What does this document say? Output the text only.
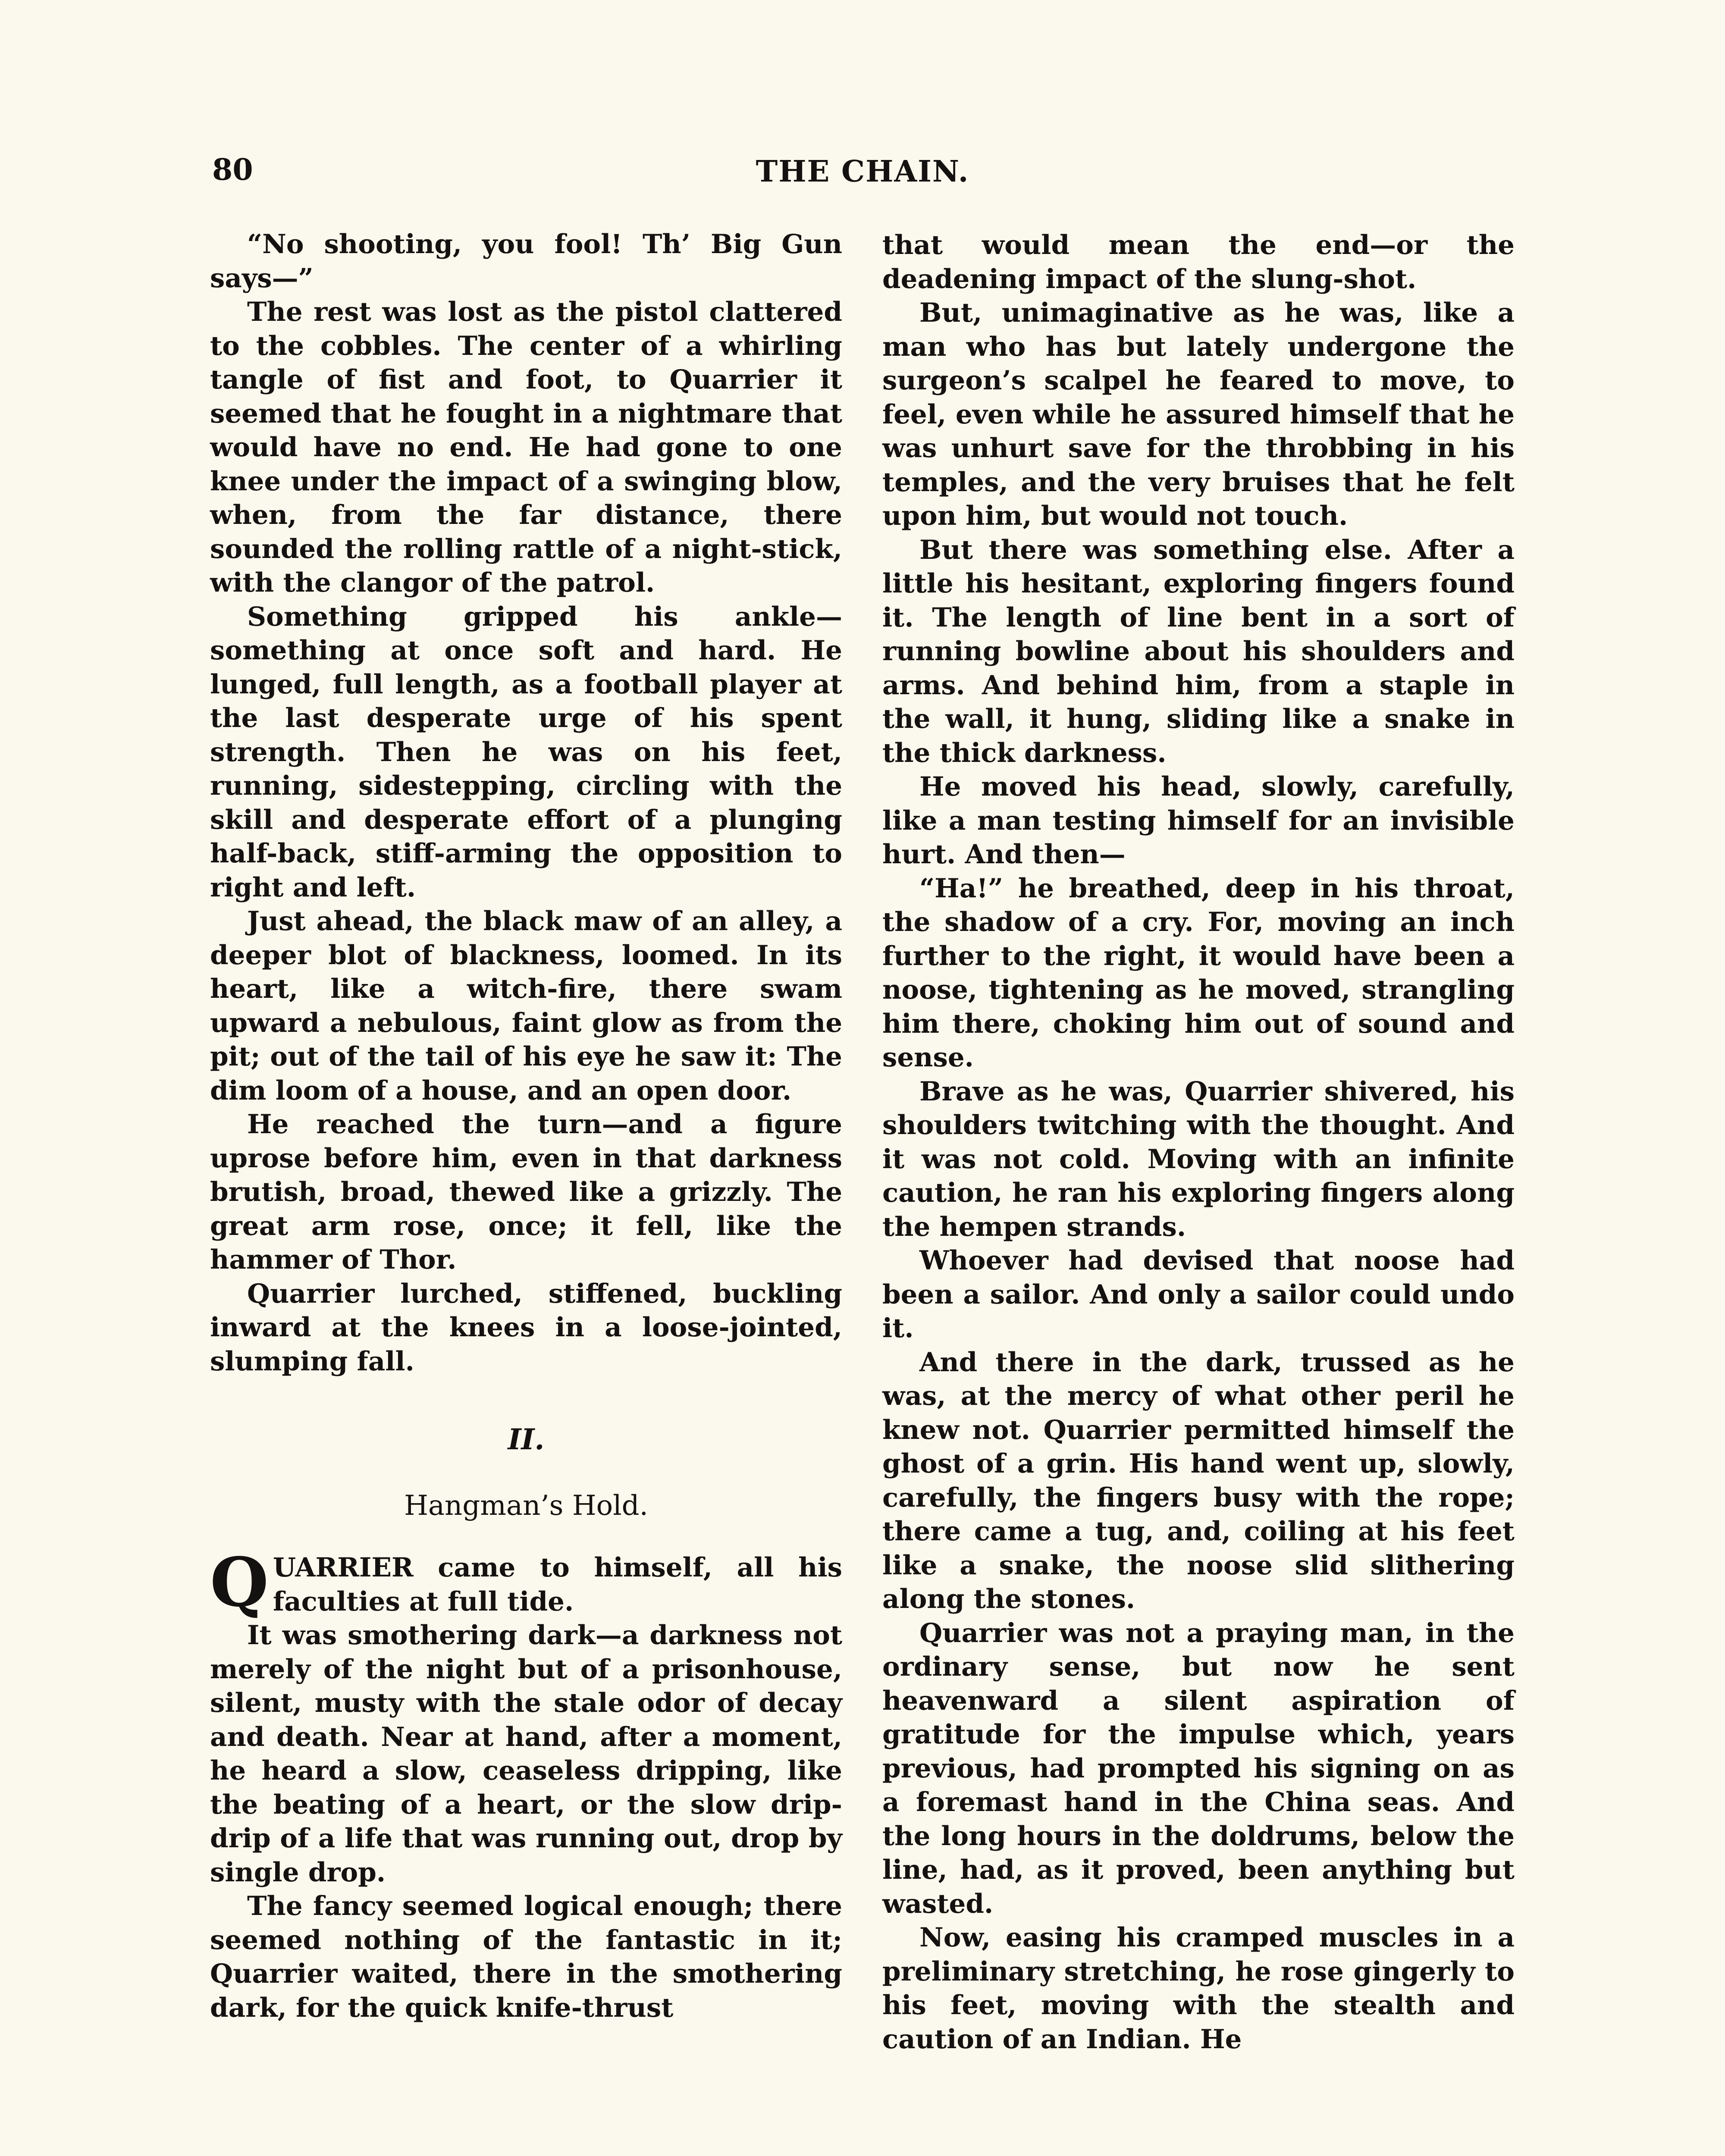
80	THE CHAIN.

“No shooting, you fool! Th’ Big Gun says—”

The rest was lost as the pistol clattered to the cobbles. The center of a whirling tangle of fist and foot, to Quarrier it seemed that he fought in a nightmare that would have no end. He had gone to one knee under the impact of a swinging blow, when, from the far distance, there sounded the rolling rattle of a night-stick, with the clangor of the patrol.

Something gripped his ankle—something at once soft and hard. He lunged, full length, as a football player at the last desperate urge of his spent strength. Then he was on his feet, running, sidestepping, circling with the skill and desperate effort of a plunging half-back, stiff-arming the opposition to right and left.

Just ahead, the black maw of an alley, a deeper blot of blackness, loomed. In its heart, like a witch-fire, there swam upward a nebulous, faint glow as from the pit; out of the tail of his eye he saw it: The dim loom of a house, and an open door.

He reached the turn—and a figure uprose before him, even in that darkness brutish, broad, thewed like a grizzly. The great arm rose, once; it fell, like the hammer of Thor.

Quarrier lurched, stiffened, buckling inward at the knees in a loose-jointed, slumping fall.

II.
Hangman’s Hold.

QUARRIER came to himself, all his faculties at full tide.

It was smothering dark—a darkness not merely of the night but of a prisonhouse, silent, musty with the stale odor of decay and death. Near at hand, after a moment, he heard a slow, ceaseless dripping, like the beating of a heart, or the slow drip-drip of a life that was running out, drop by single drop.

The fancy seemed logical enough; there seemed nothing of the fantastic in it; Quarrier waited, there in the smothering dark, for the quick knife-thrust

that would mean the end—or the deadening impact of the slung-shot.

But, unimaginative as he was, like a man who has but lately undergone the surgeon’s scalpel he feared to move, to feel, even while he assured himself that he was unhurt save for the throbbing in his temples, and the very bruises that he felt upon him, but would not touch.

But there was something else. After a little his hesitant, exploring fingers found it. The length of line bent in a sort of running bowline about his shoulders and arms. And behind him, from a staple in the wall, it hung, sliding like a snake in the thick darkness.

He moved his head, slowly, carefully, like a man testing himself for an invisible hurt. And then—

“Ha!” he breathed, deep in his throat, the shadow of a cry. For, moving an inch further to the right, it would have been a noose, tightening as he moved, strangling him there, choking him out of sound and sense.

Brave as he was, Quarrier shivered, his shoulders twitching with the thought. And it was not cold. Moving with an infinite caution, he ran his exploring fingers along the hempen strands.

Whoever had devised that noose had been a sailor. And only a sailor could undo it.

And there in the dark, trussed as he was, at the mercy of what other peril he knew not. Quarrier permitted himself the ghost of a grin. His hand went up, slowly, carefully, the fingers busy with the rope; there came a tug, and, coiling at his feet like a snake, the noose slid slithering along the stones.

Quarrier was not a praying man, in the ordinary sense, but now he sent heavenward a silent aspiration of gratitude for the impulse which, years previous, had prompted his signing on as a foremast hand in the China seas. And the long hours in the doldrums, below the line, had, as it proved, been anything but wasted.

Now, easing his cramped muscles in a preliminary stretching, he rose gingerly to his feet, moving with the stealth and caution of an Indian. He
